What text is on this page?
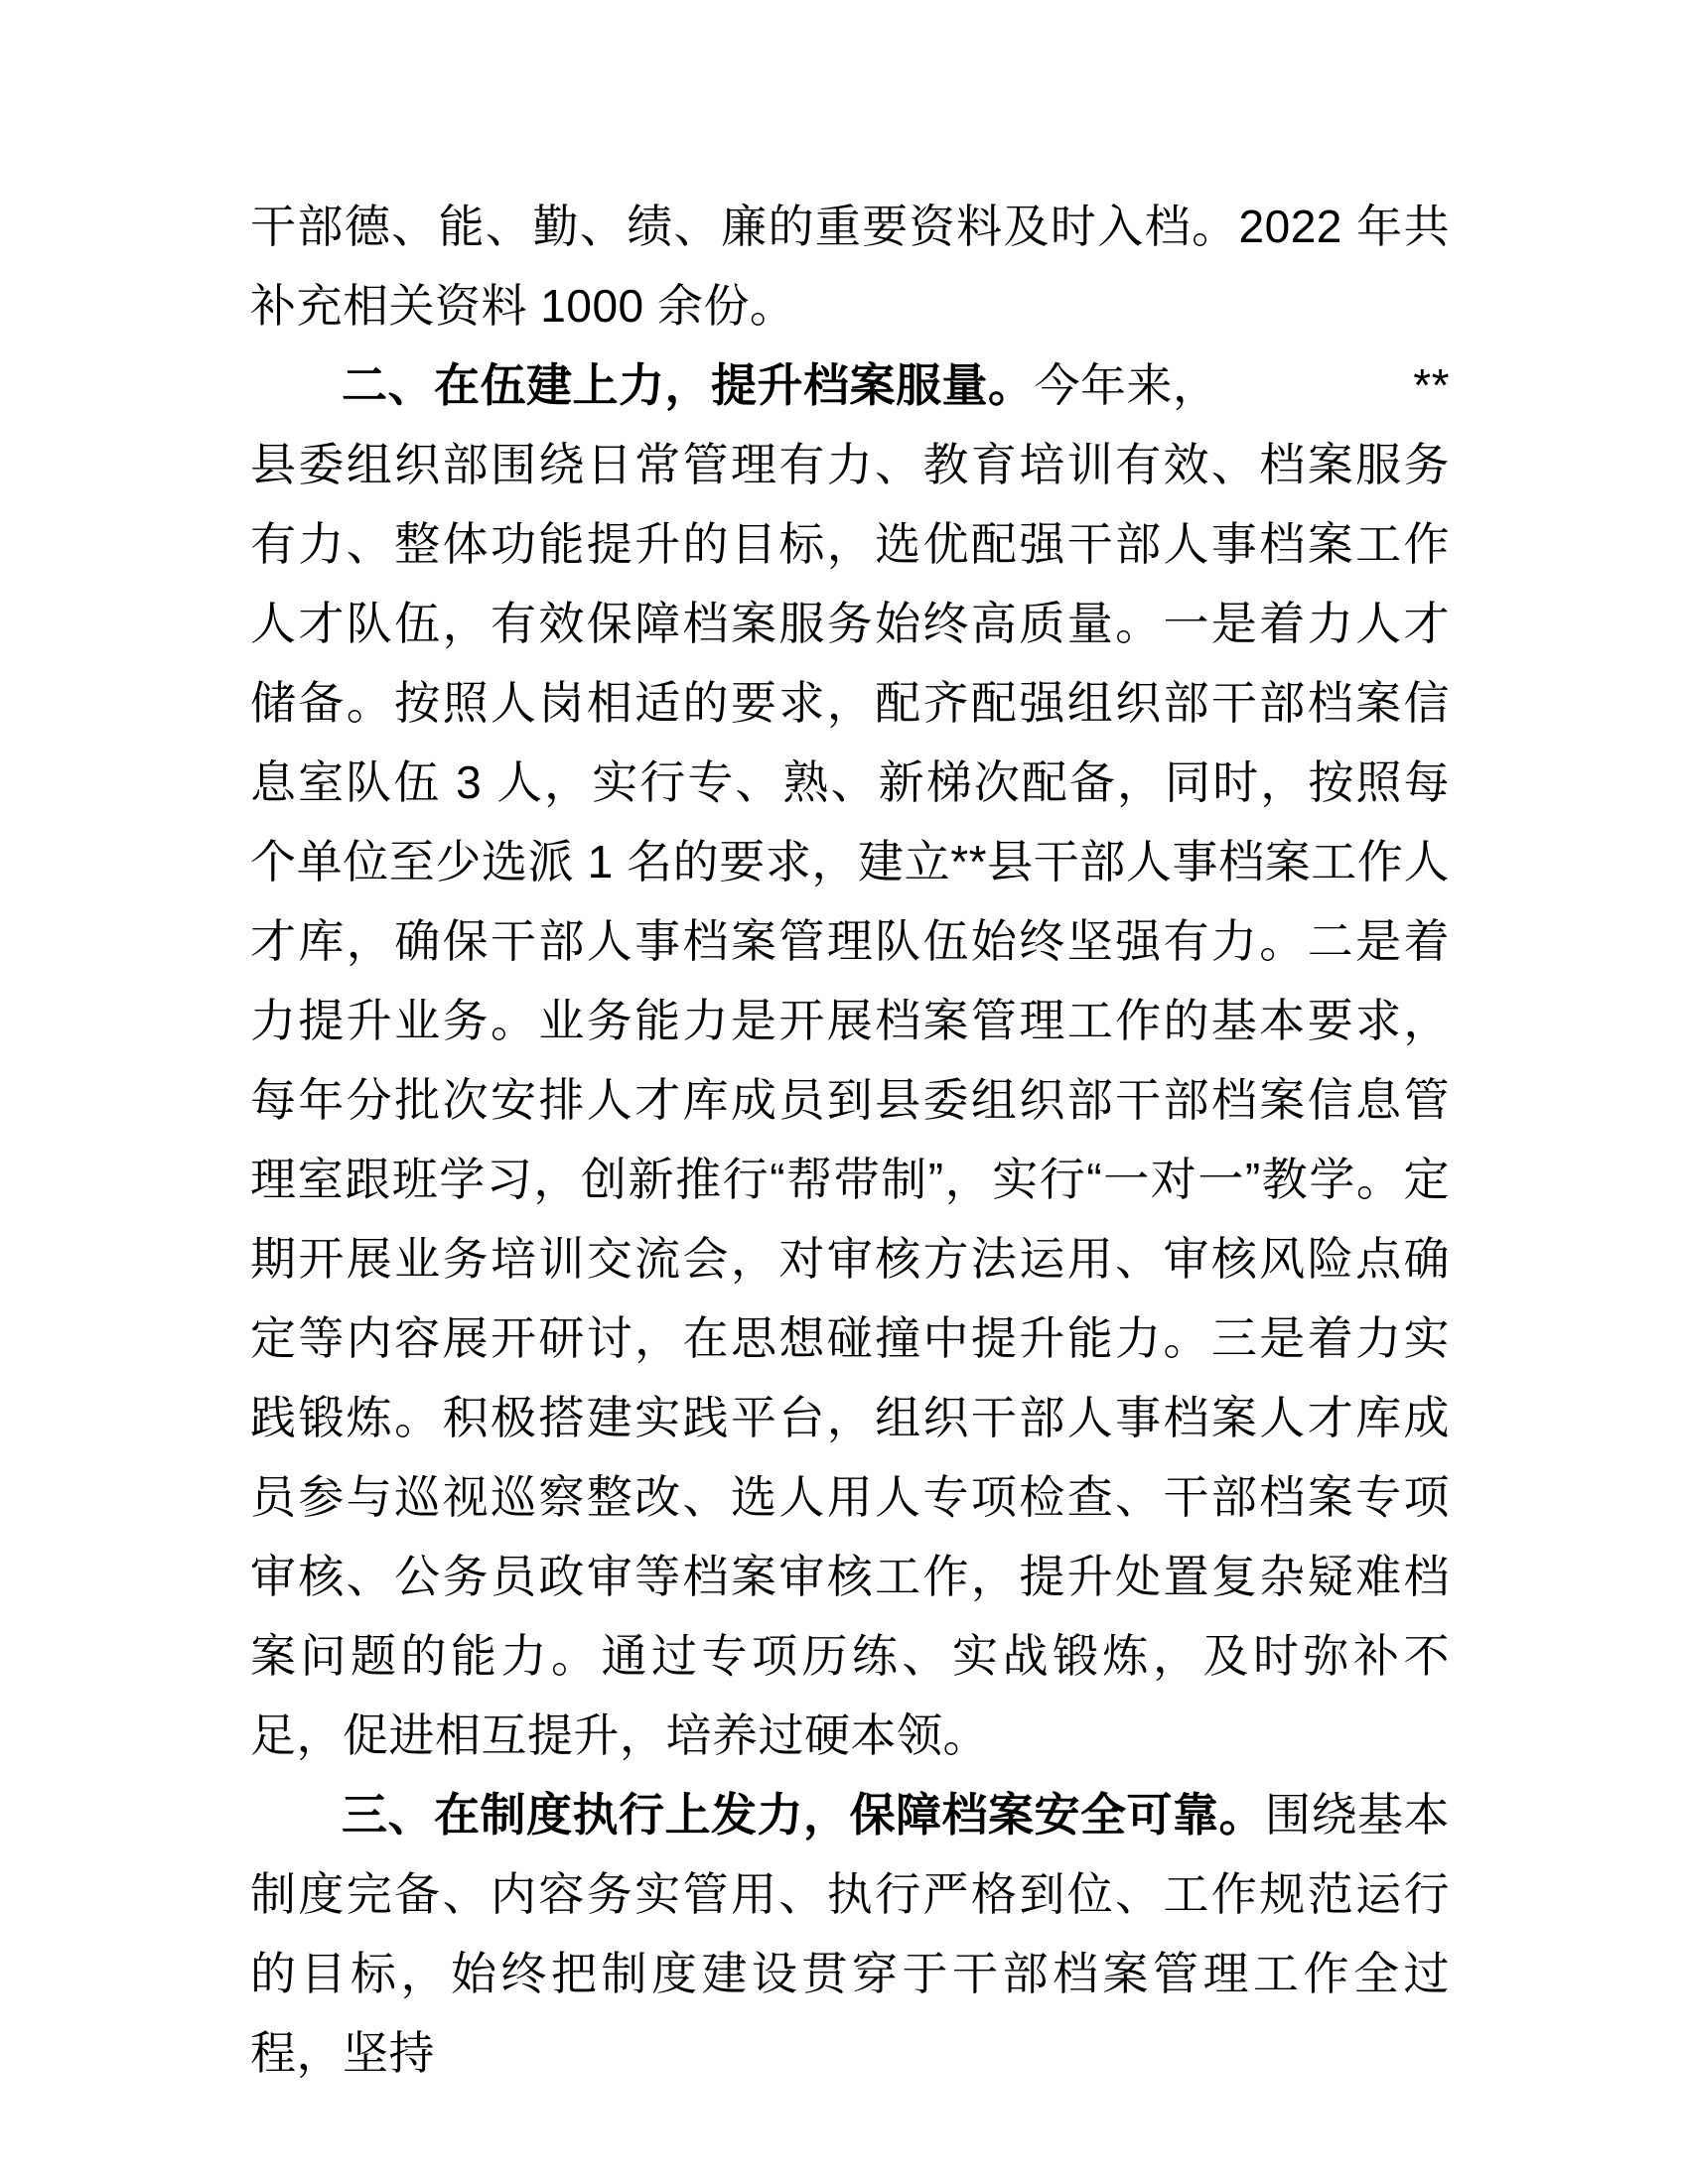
干部德、能、勤、绩、廉的重要资料及时入档。2022 年共补充相关资料 1000 余份。

二、在伍建上力，提升档案服量。今年来，	**

县委组织部围绕日常管理有力、教育培训有效、档案服务有力、整体功能提升的目标，选优配强干部人事档案工作人才队伍，有效保障档案服务始终高质量。一是着力人才储备。按照人岗相适的要求，配齐配强组织部干部档案信息室队伍 3 人，实行专、熟、新梯次配备，同时，按照每个单位至少选派 1 名的要求，建立**县干部人事档案工作人才库，确保干部人事档案管理队伍始终坚强有力。二是着力提升业务。业务能力是开展档案管理工作的基本要求，每年分批次安排人才库成员到县委组织部干部档案信息管理室跟班学习，创新推行“帮带制”，实行“一对一”教学。定期开展业务培训交流会，对审核方法运用、审核风险点确定等内容展开研讨，在思想碰撞中提升能力。三是着力实践锻炼。积极搭建实践平台，组织干部人事档案人才库成员参与巡视巡察整改、选人用人专项检查、干部档案专项审核、公务员政审等档案审核工作，提升处置复杂疑难档案问题的能力。通过专项历练、实战锻炼，及时弥补不足，促进相互提升，培养过硬本领。

三、在制度执行上发力，保障档案安全可靠。围绕基本制度完备、内容务实管用、执行严格到位、工作规范运行的目标，始终把制度建设贯穿于干部档案管理工作全过程，坚持
